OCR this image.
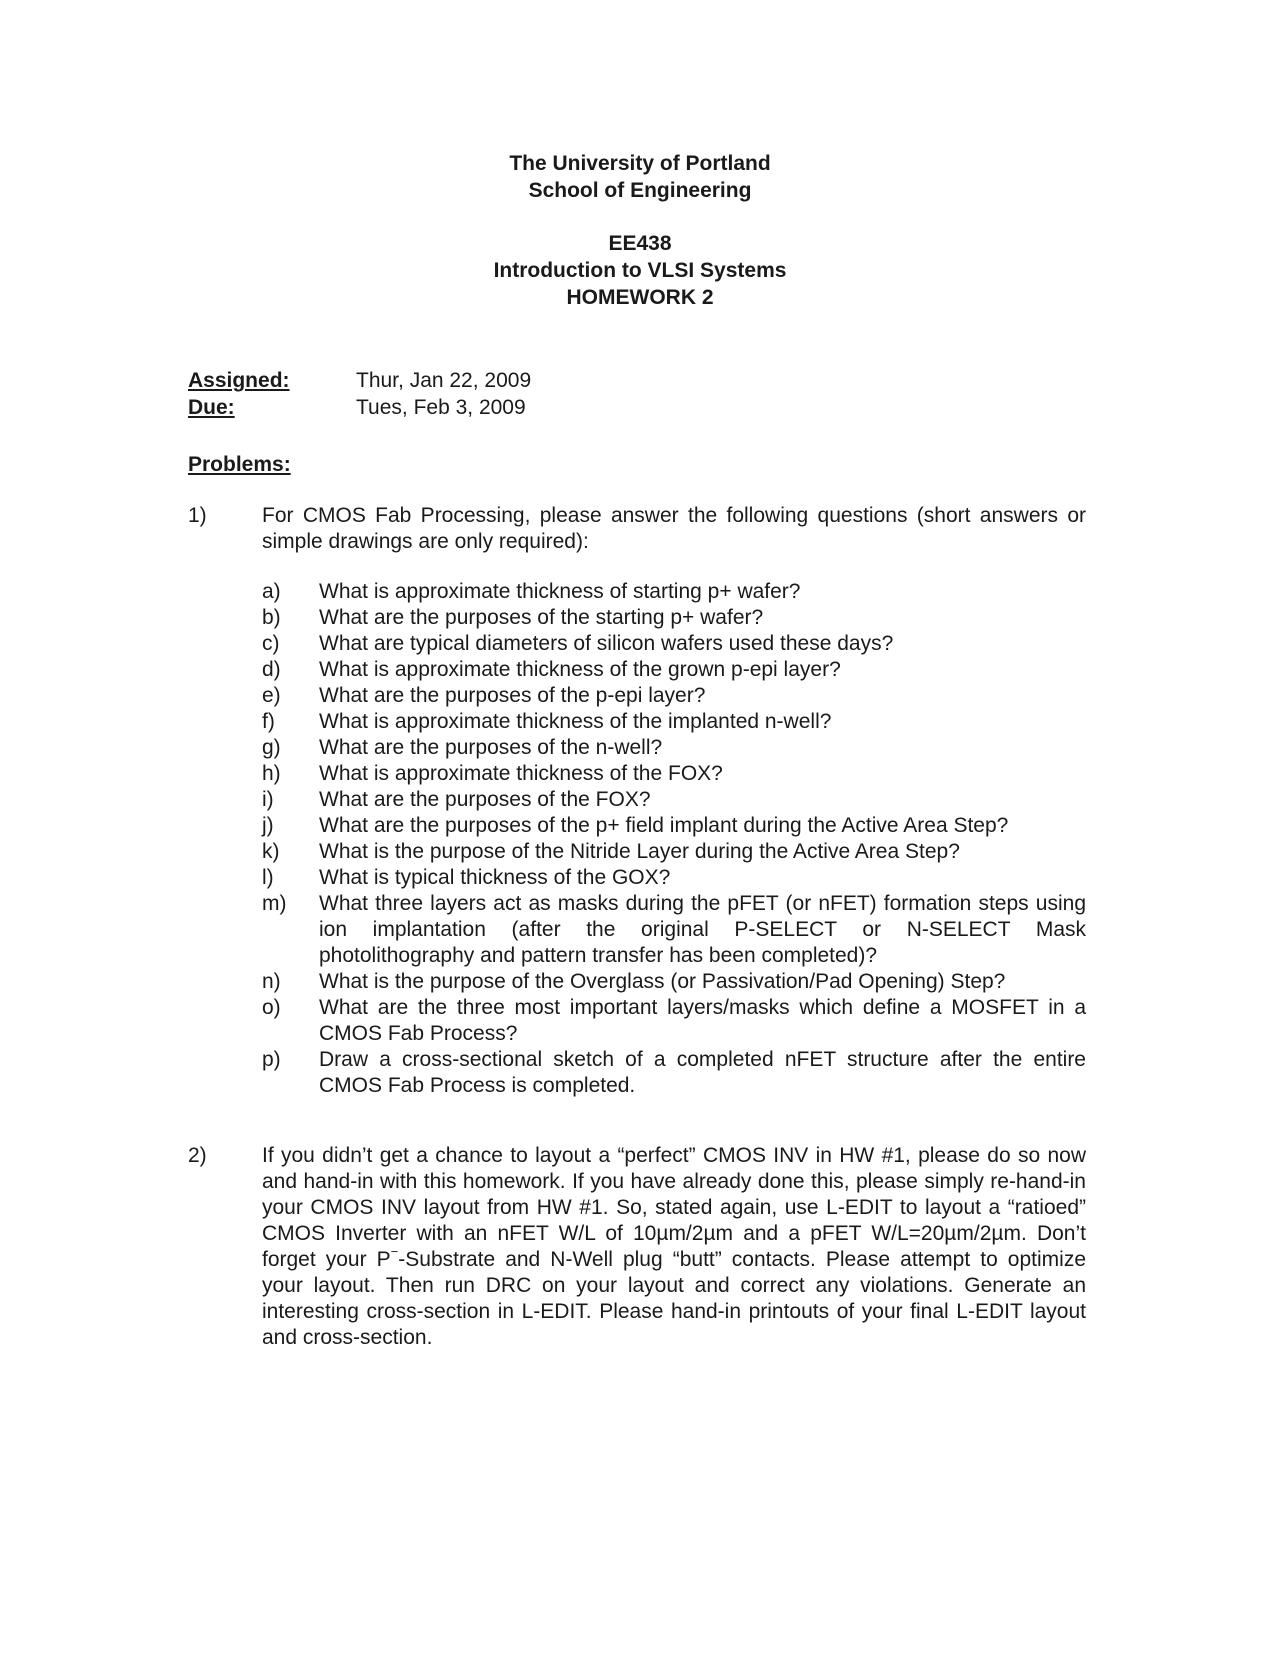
The University of Portland
School of Engineering
EE438
Introduction to VLSI Systems
HOMEWORK 2
Assigned:	Thur, Jan 22, 2009
Due:	Tues, Feb 3, 2009
Problems:
1)	For CMOS Fab Processing, please answer the following questions (short answers or simple drawings are only required):
a)	What is approximate thickness of starting p+ wafer?
b)	What are the purposes of the starting p+ wafer?
c)	What are typical diameters of silicon wafers used these days?
d)	What is approximate thickness of the grown p-epi layer?
e)	What are the purposes of the p-epi layer?
f)	What is approximate thickness of the implanted n-well?
g)	What are the purposes of the n-well?
h)	What is approximate thickness of the FOX?
i)	What are the purposes of the FOX?
j)	What are the purposes of the p+ field implant during the Active Area Step?
k)	What is the purpose of the Nitride Layer during the Active Area Step?
l)	What is typical thickness of the GOX?
m)	What three layers act as masks during the pFET (or nFET) formation steps using ion implantation (after the original P-SELECT or N-SELECT Mask photolithography and pattern transfer has been completed)?
n)	What is the purpose of the Overglass (or Passivation/Pad Opening) Step?
o)	What are the three most important layers/masks which define a MOSFET in a CMOS Fab Process?
p)	Draw a cross-sectional sketch of a completed nFET structure after the entire CMOS Fab Process is completed.
2)	If you didn’t get a chance to layout a “perfect” CMOS INV in HW #1, please do so now and hand-in with this homework. If you have already done this, please simply re-hand-in your CMOS INV layout from HW #1. So, stated again, use L-EDIT to layout a “ratioed” CMOS Inverter with an nFET W/L of 10µm/2µm and a pFET W/L=20µm/2µm. Don’t forget your P−-Substrate and N-Well plug “butt” contacts. Please attempt to optimize your layout. Then run DRC on your layout and correct any violations. Generate an interesting cross-section in L-EDIT. Please hand-in printouts of your final L-EDIT layout and cross-section.
